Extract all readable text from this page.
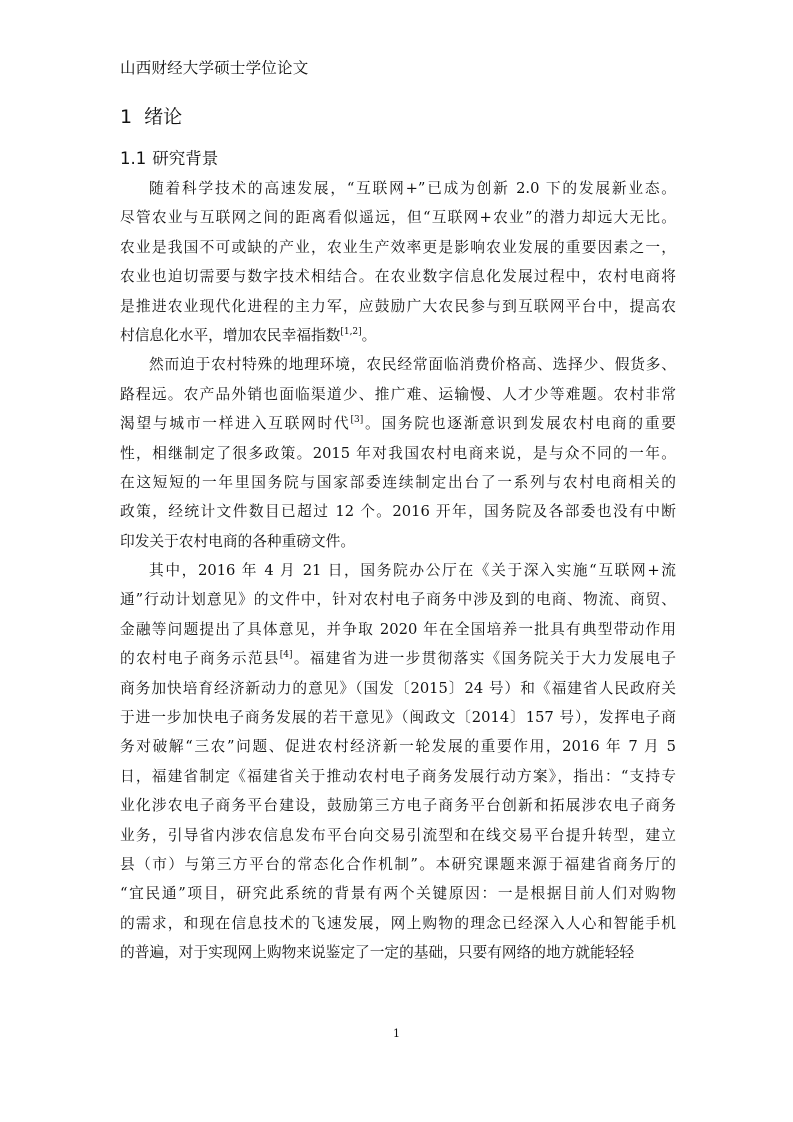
山西财经大学硕士学位论文
1 绪论
1.1 研究背景
随着科学技术的高速发展，“互联网+”已成为创新 2.0 下的发展新业态。
尽管农业与互联网之间的距离看似遥远，但“互联网+农业”的潜力却远大无比。
农业是我国不可或缺的产业，农业生产效率更是影响农业发展的重要因素之一，
农业也迫切需要与数字技术相结合。在农业数字信息化发展过程中，农村电商将
是推进农业现代化进程的主力军，应鼓励广大农民参与到互联网平台中，提高农
村信息化水平，增加农民幸福指数[1,2]。
然而迫于农村特殊的地理环境，农民经常面临消费价格高、选择少、假货多、
路程远。农产品外销也面临渠道少、推广难、运输慢、人才少等难题。农村非常
渴望与城市一样进入互联网时代[3]。国务院也逐渐意识到发展农村电商的重要
性，相继制定了很多政策。2015 年对我国农村电商来说，是与众不同的一年。
在这短短的一年里国务院与国家部委连续制定出台了一系列与农村电商相关的
政策，经统计文件数目已超过 12 个。2016 开年，国务院及各部委也没有中断
印发关于农村电商的各种重磅文件。
其中，2016 年 4 月 21 日，国务院办公厅在《关于深入实施“互联网+流
通”行动计划意见》的文件中，针对农村电子商务中涉及到的电商、物流、商贸、
金融等问题提出了具体意见，并争取 2020 年在全国培养一批具有典型带动作用
的农村电子商务示范县[4]。福建省为进一步贯彻落实《国务院关于大力发展电子
商务加快培育经济新动力的意见》（国发〔2015〕24 号）和《福建省人民政府关
于进一步加快电子商务发展的若干意见》（闽政文〔2014〕157 号），发挥电子商
务对破解“三农”问题、促进农村经济新一轮发展的重要作用，2016 年 7 月 5
日，福建省制定《福建省关于推动农村电子商务发展行动方案》，指出：“支持专
业化涉农电子商务平台建设，鼓励第三方电子商务平台创新和拓展涉农电子商务
业务，引导省内涉农信息发布平台向交易引流型和在线交易平台提升转型，建立
县（市）与第三方平台的常态化合作机制”。本研究课题来源于福建省商务厅的
“宜民通”项目，研究此系统的背景有两个关键原因：一是根据目前人们对购物
的需求，和现在信息技术的飞速发展，网上购物的理念已经深入人心和智能手机
的普遍，对于实现网上购物来说鉴定了一定的基础，只要有网络的地方就能轻轻
1
